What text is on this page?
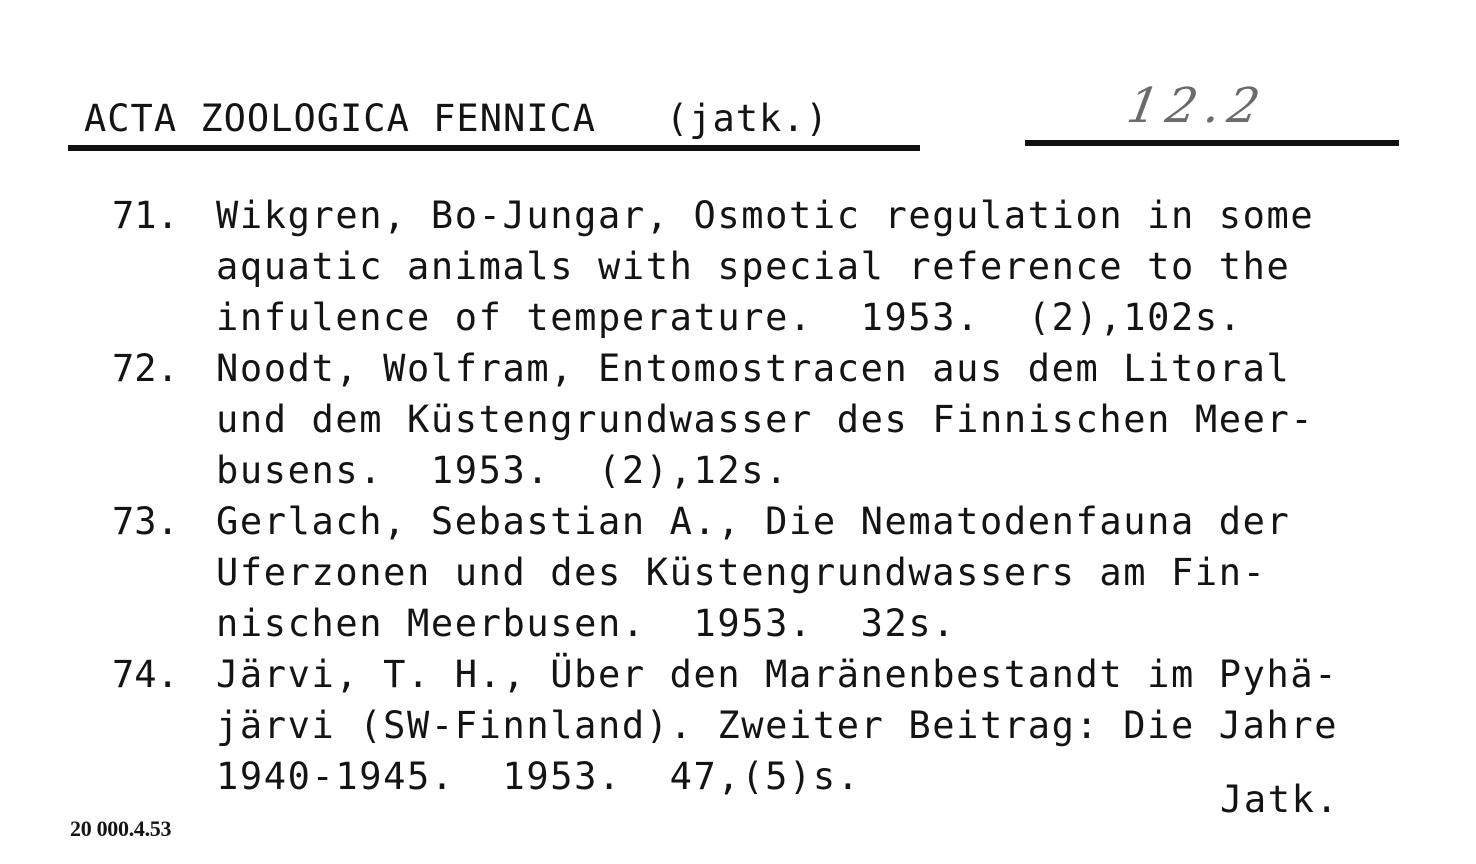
ACTA ZOOLOGICA FENNICA   (jatk.)	12.2
71.	Wikgren, Bo-Jungar, Osmotic regulation in some
aquatic animals with special reference to the
infulence of temperature.  1953.  (2),102s.
72.	Noodt, Wolfram, Entomostracen aus dem Litoral
und dem Küstengrundwasser des Finnischen Meer-
busens.  1953.  (2),12s.
73.	Gerlach, Sebastian A., Die Nematodenfauna der
Uferzonen und des Küstengrundwassers am Fin-
nischen Meerbusen.  1953.  32s.
74.	Järvi, T. H., Über den Maränenbestandt im Pyhä-
järvi (SW-Finnland). Zweiter Beitrag: Die Jahre
1940-1945.  1953.  47,(5)s.
Jatk.
20 000.4.53
